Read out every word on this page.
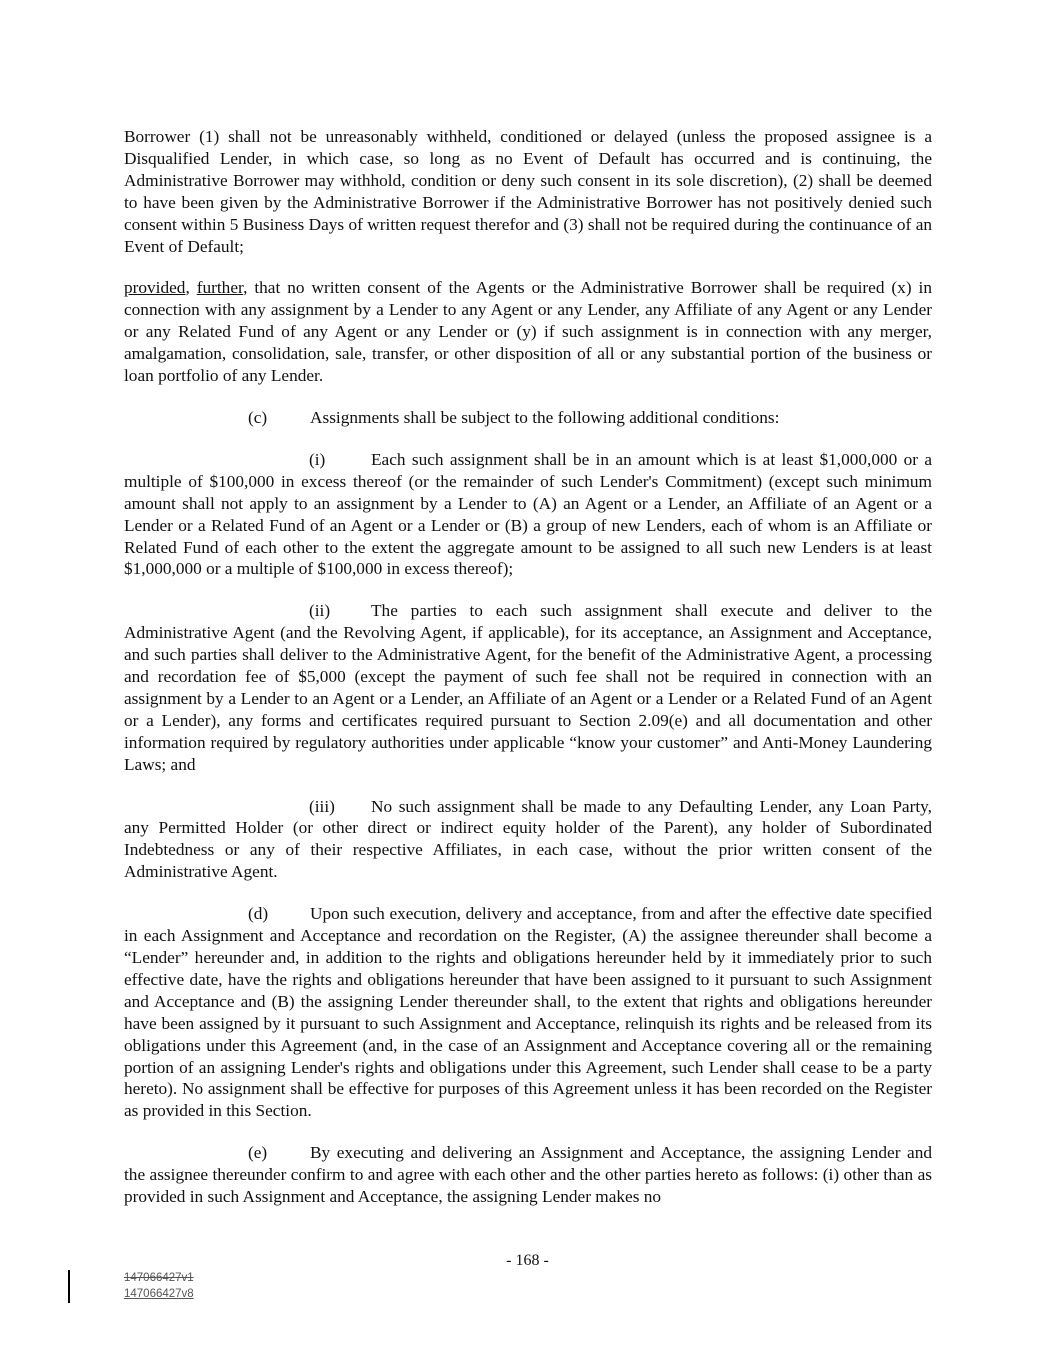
Borrower (1) shall not be unreasonably withheld, conditioned or delayed (unless the proposed assignee is a Disqualified Lender, in which case, so long as no Event of Default has occurred and is continuing, the Administrative Borrower may withhold, condition or deny such consent in its sole discretion), (2) shall be deemed to have been given by the Administrative Borrower if the Administrative Borrower has not positively denied such consent within 5 Business Days of written request therefor and (3) shall not be required during the continuance of an Event of Default;

provided, further, that no written consent of the Agents or the Administrative Borrower shall be required (x) in connection with any assignment by a Lender to any Agent or any Lender, any Affiliate of any Agent or any Lender or any Related Fund of any Agent or any Lender or (y) if such assignment is in connection with any merger, amalgamation, consolidation, sale, transfer, or other disposition of all or any substantial portion of the business or loan portfolio of any Lender.

(c) Assignments shall be subject to the following additional conditions:

(i)	Each such assignment shall be in an amount which is at least $1,000,000 or a multiple of $100,000 in excess thereof (or the remainder of such Lender's Commitment) (except such minimum amount shall not apply to an assignment by a Lender to (A) an Agent or a Lender, an Affiliate of an Agent or a Lender or a Related Fund of an Agent or a Lender or (B) a group of new Lenders, each of whom is an Affiliate or Related Fund of each other to the extent the aggregate amount to be assigned to all such new Lenders is at least $1,000,000 or a multiple of $100,000 in excess thereof);

(ii) The parties to each such assignment shall execute and deliver to the Administrative Agent (and the Revolving Agent, if applicable), for its acceptance, an Assignment and Acceptance, and such parties shall deliver to the Administrative Agent, for the benefit of the Administrative Agent, a processing and recordation fee of $5,000 (except the payment of such fee shall not be required in connection with an assignment by a Lender to an Agent or a Lender, an Affiliate of an Agent or a Lender or a Related Fund of an Agent or a Lender), any forms and certificates required pursuant to Section 2.09(e) and all documentation and other information required by regulatory authorities under applicable “know your customer” and Anti-Money Laundering Laws; and

(iii) No such assignment shall be made to any Defaulting Lender, any Loan Party, any Permitted Holder (or other direct or indirect equity holder of the Parent), any holder of Subordinated Indebtedness or any of their respective Affiliates, in each case, without the prior written consent of the Administrative Agent.

(d) Upon such execution, delivery and acceptance, from and after the effective date specified in each Assignment and Acceptance and recordation on the Register, (A) the assignee thereunder shall become a “Lender” hereunder and, in addition to the rights and obligations hereunder held by it immediately prior to such effective date, have the rights and obligations hereunder that have been assigned to it pursuant to such Assignment and Acceptance and (B) the assigning Lender thereunder shall, to the extent that rights and obligations hereunder have been assigned by it pursuant to such Assignment and Acceptance, relinquish its rights and be released from its obligations under this Agreement (and, in the case of an Assignment and Acceptance covering all or the remaining portion of an assigning Lender's rights and obligations under this Agreement, such Lender shall cease to be a party hereto). No assignment shall be effective for purposes of this Agreement unless it has been recorded on the Register as provided in this Section.

(e) By executing and delivering an Assignment and Acceptance, the assigning Lender and the assignee thereunder confirm to and agree with each other and the other parties hereto as follows: (i) other than as provided in such Assignment and Acceptance, the assigning Lender makes no

- 168 -
147066427v1
147066427v8
